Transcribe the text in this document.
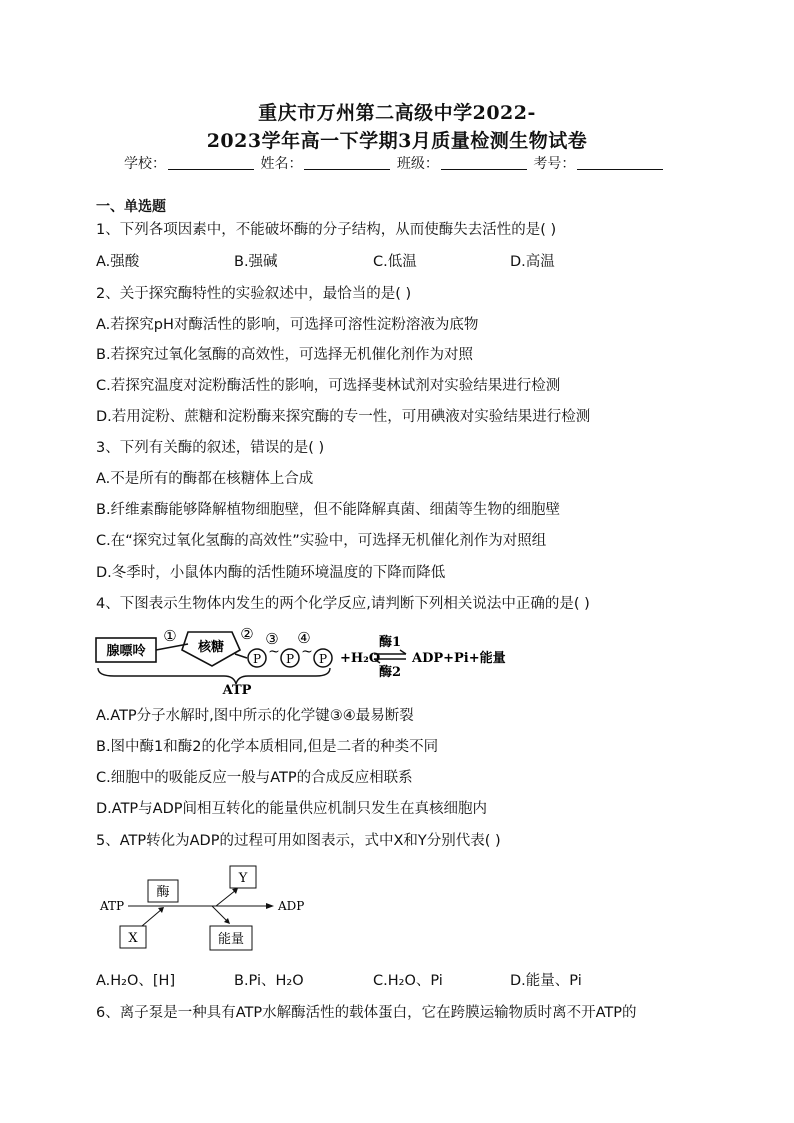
重庆市万州第二高级中学2022-
2023学年高一下学期3月质量检测生物试卷
学校：	姓名：	班级：	考号：
一、单选题
1、下列各项因素中，不能破坏酶的分子结构，从而使酶失去活性的是( )
A.强酸	B.强碱	C.低温	D.高温
2、关于探究酶特性的实验叙述中，最恰当的是( )
A.若探究pH对酶活性的影响，可选择可溶性淀粉溶液为底物
B.若探究过氧化氢酶的高效性，可选择无机催化剂作为对照
C.若探究温度对淀粉酶活性的影响，可选择斐林试剂对实验结果进行检测
D.若用淀粉、蔗糖和淀粉酶来探究酶的专一性，可用碘液对实验结果进行检测
3、下列有关酶的叙述，错误的是( )
A.不是所有的酶都在核糖体上合成
B.纤维素酶能够降解植物细胞壁，但不能降解真菌、细菌等生物的细胞壁
C.在“探究过氧化氢酶的高效性”实验中，可选择无机催化剂作为对照组
D.冬季时，小鼠体内酶的活性随环境温度的下降而降低
4、下图表示生物体内发生的两个化学反应,请判断下列相关说法中正确的是( )
腺嘌呤
①
核糖
②
P ~
③
P ~
④
P +H₂O
酶1
酶2
ADP+Pi+能量
ATP
A.ATP分子水解时,图中所示的化学键③④最易断裂
B.图中酶1和酶2的化学本质相同,但是二者的种类不同
C.细胞中的吸能反应一般与ATP的合成反应相联系
D.ATP与ADP间相互转化的能量供应机制只发生在真核细胞内
5、ATP转化为ADP的过程可用如图表示，式中X和Y分别代表( )
ATP	ADP
酶
X
Y
能量
A.H₂O、[H]	B.Pi、H₂O	C.H₂O、Pi	D.能量、Pi
6、离子泵是一种具有ATP水解酶活性的载体蛋白，它在跨膜运输物质时离不开ATP的
